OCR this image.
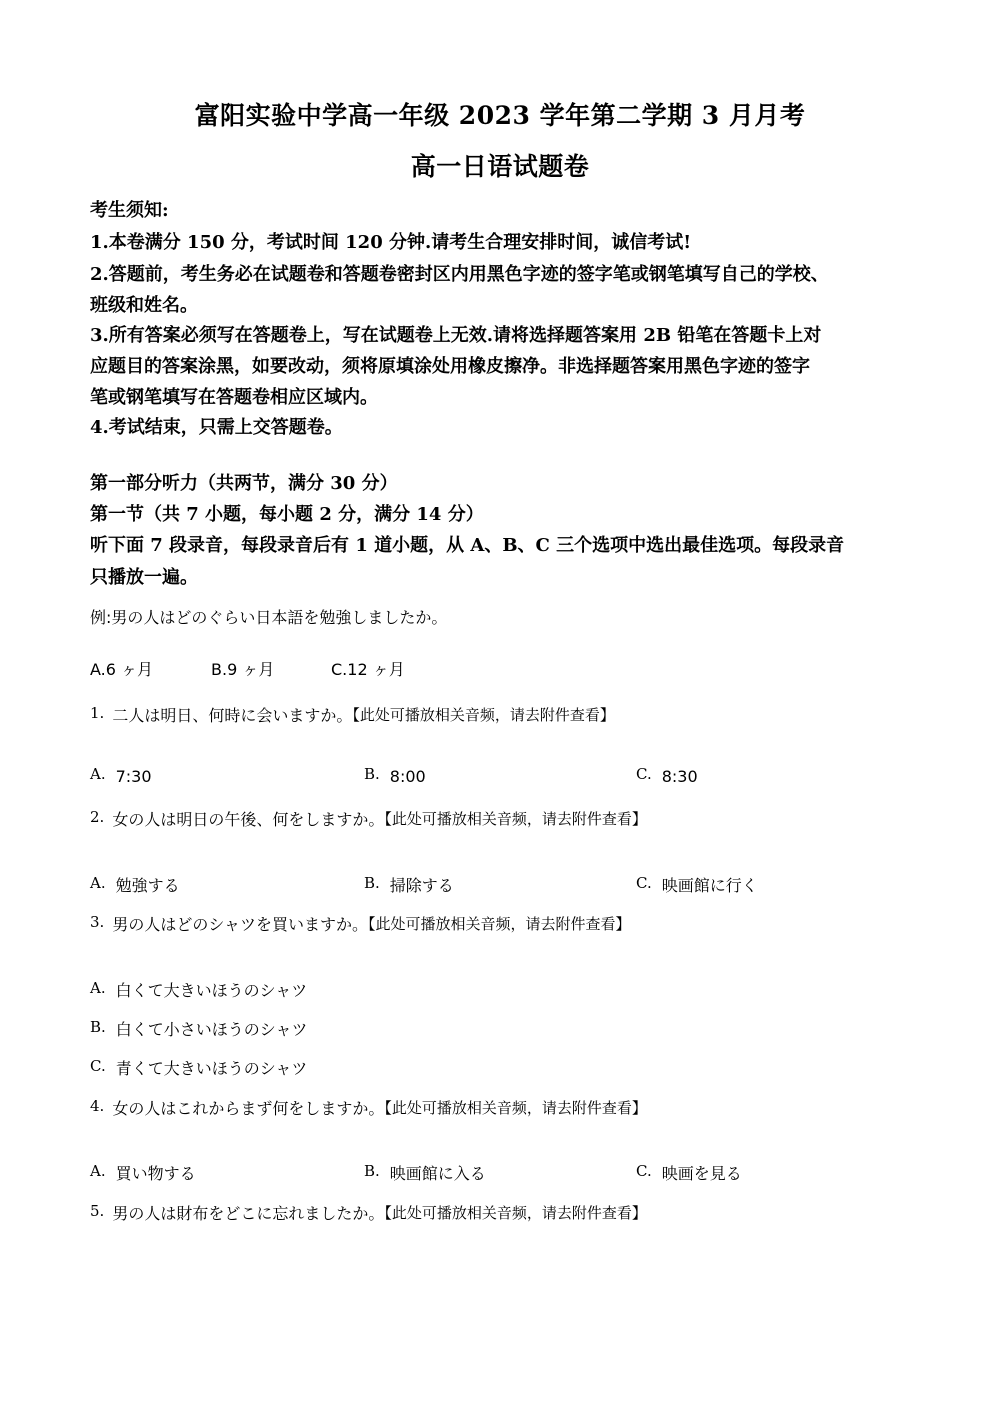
富阳实验中学高一年级 2023 学年第二学期 3 月月考
高一日语试题卷
考生须知:
1.本卷满分 150 分，考试时间 120 分钟.请考生合理安排时间，诚信考试!
2.答题前，考生务必在试题卷和答题卷密封区内用黑色字迹的签字笔或钢笔填写自己的学校、
班级和姓名。
3.所有答案必须写在答题卷上，写在试题卷上无效.请将选择题答案用 2B 铅笔在答题卡上对
应题目的答案涂黑，如要改动，须将原填涂处用橡皮擦净。非选择题答案用黑色字迹的签字
笔或钢笔填写在答题卷相应区域内。
4.考试结束，只需上交答题卷。
第一部分听力（共两节，满分 30 分）
第一节（共 7 小题，每小题 2 分，满分 14 分）
听下面 7 段录音，每段录音后有 1 道小题，从 A、B、C 三个选项中选出最佳选项。每段录音
只播放一遍。
例:男の人はどのぐらい日本語を勉強しましたか。
A.6 ヶ月	B.9 ヶ月	C.12 ヶ月
1. 二人は明日、何時に会いますか。【此处可播放相关音频，请去附件查看】
A. 7:30	B. 8:00	C. 8:30
2. 女の人は明日の午後、何をしますか。【此处可播放相关音频，请去附件查看】
A. 勉強する	B. 掃除する	C. 映画館に行く
3. 男の人はどのシャツを買いますか。【此处可播放相关音频，请去附件查看】
A. 白くて大きいほうのシャツ
B. 白くて小さいほうのシャツ
C. 青くて大きいほうのシャツ
4. 女の人はこれからまず何をしますか。【此处可播放相关音频，请去附件查看】
A. 買い物する	B. 映画館に入る	C. 映画を見る
5. 男の人は財布をどこに忘れましたか。【此处可播放相关音频，请去附件查看】
